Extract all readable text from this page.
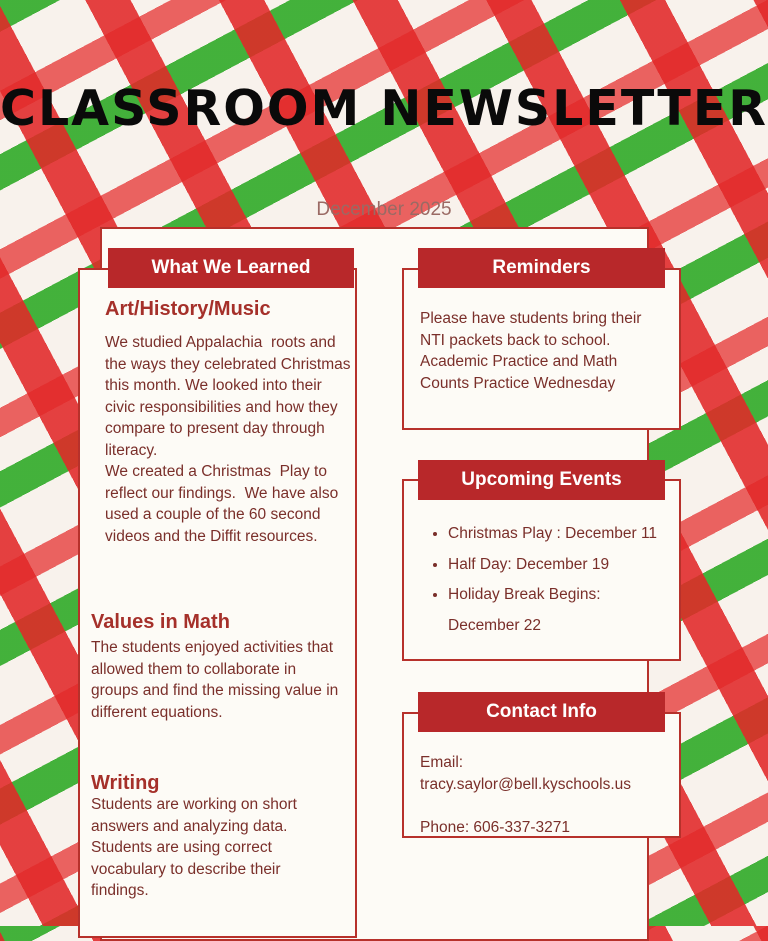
CLASSROOM NEWSLETTER
December 2025
What We Learned
Art/History/Music
We studied Appalachia  roots and the ways they celebrated Christmas this month. We looked into their civic responsibilities and how they compare to present day through literacy.
We created a Christmas  Play to reflect our findings.  We have also used a couple of the 60 second videos and the Diffit resources.
Values in Math
The students enjoyed activities that allowed them to collaborate in groups and find the missing value in different equations.
Writing
Students are working on short answers and analyzing data. Students are using correct vocabulary to describe their findings.
Reminders
Please have students bring their NTI packets back to school.
Academic Practice and Math Counts Practice Wednesday
• Christmas Play : December 11
• Half Day: December 19
• Holiday Break Begins: December 22
Upcoming Events
Contact Info
Email:
tracy.saylor@bell.kyschools.us

Phone: 606-337-3271
